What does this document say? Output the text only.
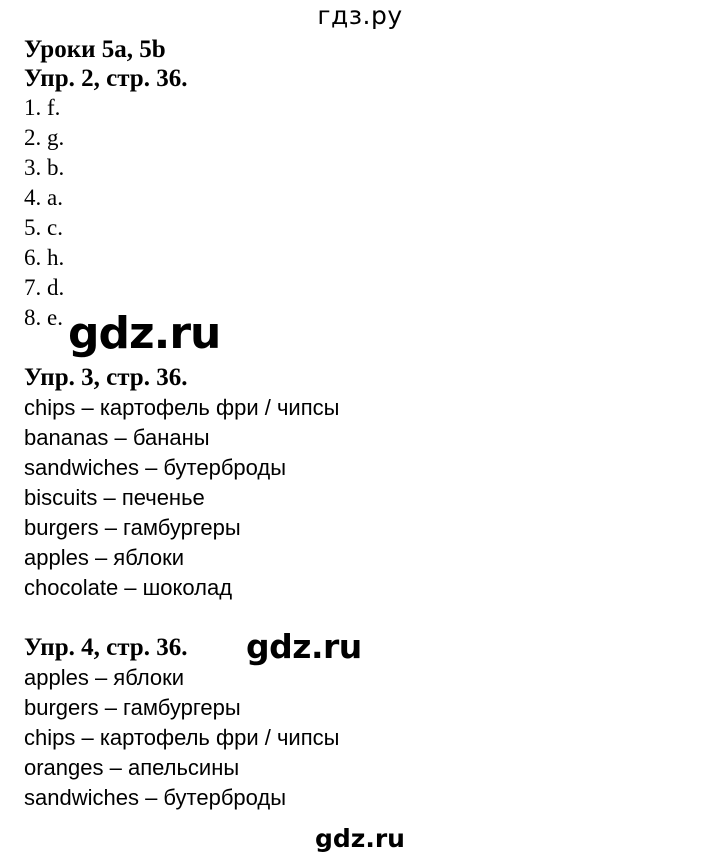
гдз.ру
Уроки 5a, 5b
Упр. 2, стр. 36.
1. f.
2. g.
3. b.
4. a.
5. c.
6. h.
7. d.
8. e. gdz.ru
Упр. 3, стр. 36.
chips – картофель фри / чипсы
bananas – бананы
sandwiches – бутерброды
biscuits – печенье
burgers – гамбургеры
apples – яблоки
chocolate – шоколад
Упр. 4, стр. 36. gdz.ru
apples – яблоки
burgers – гамбургеры
chips – картофель фри / чипсы
oranges – апельсины
sandwiches – бутерброды
gdz.ru
